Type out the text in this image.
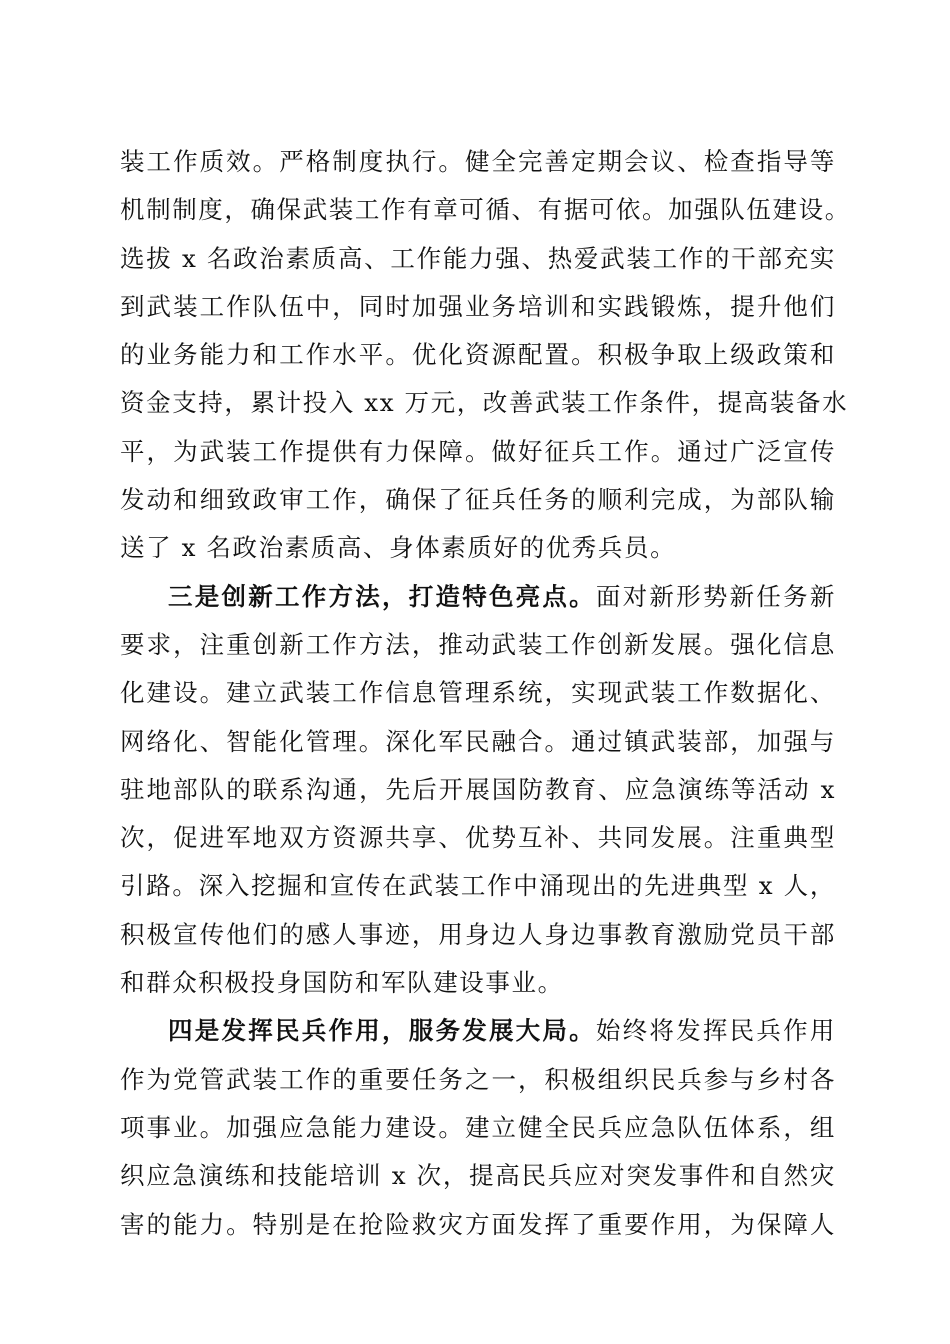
装工作质效。严格制度执行。健全完善定期会议、检查指导等
机制制度，确保武装工作有章可循、有据可依。加强队伍建设。
选拔 x 名政治素质高、工作能力强、热爱武装工作的干部充实
到武装工作队伍中，同时加强业务培训和实践锻炼，提升他们
的业务能力和工作水平。优化资源配置。积极争取上级政策和
资金支持，累计投入 xx 万元，改善武装工作条件，提高装备水
平，为武装工作提供有力保障。做好征兵工作。通过广泛宣传
发动和细致政审工作，确保了征兵任务的顺利完成，为部队输
送了 x 名政治素质高、身体素质好的优秀兵员。
三是创新工作方法，打造特色亮点。面对新形势新任务新
要求，注重创新工作方法，推动武装工作创新发展。强化信息
化建设。建立武装工作信息管理系统，实现武装工作数据化、
网络化、智能化管理。深化军民融合。通过镇武装部，加强与
驻地部队的联系沟通，先后开展国防教育、应急演练等活动 x
次，促进军地双方资源共享、优势互补、共同发展。注重典型
引路。深入挖掘和宣传在武装工作中涌现出的先进典型 x 人，
积极宣传他们的感人事迹，用身边人身边事教育激励党员干部
和群众积极投身国防和军队建设事业。
四是发挥民兵作用，服务发展大局。始终将发挥民兵作用
作为党管武装工作的重要任务之一，积极组织民兵参与乡村各
项事业。加强应急能力建设。建立健全民兵应急队伍体系，组
织应急演练和技能培训 x 次，提高民兵应对突发事件和自然灾
害的能力。特别是在抢险救灾方面发挥了重要作用，为保障人
